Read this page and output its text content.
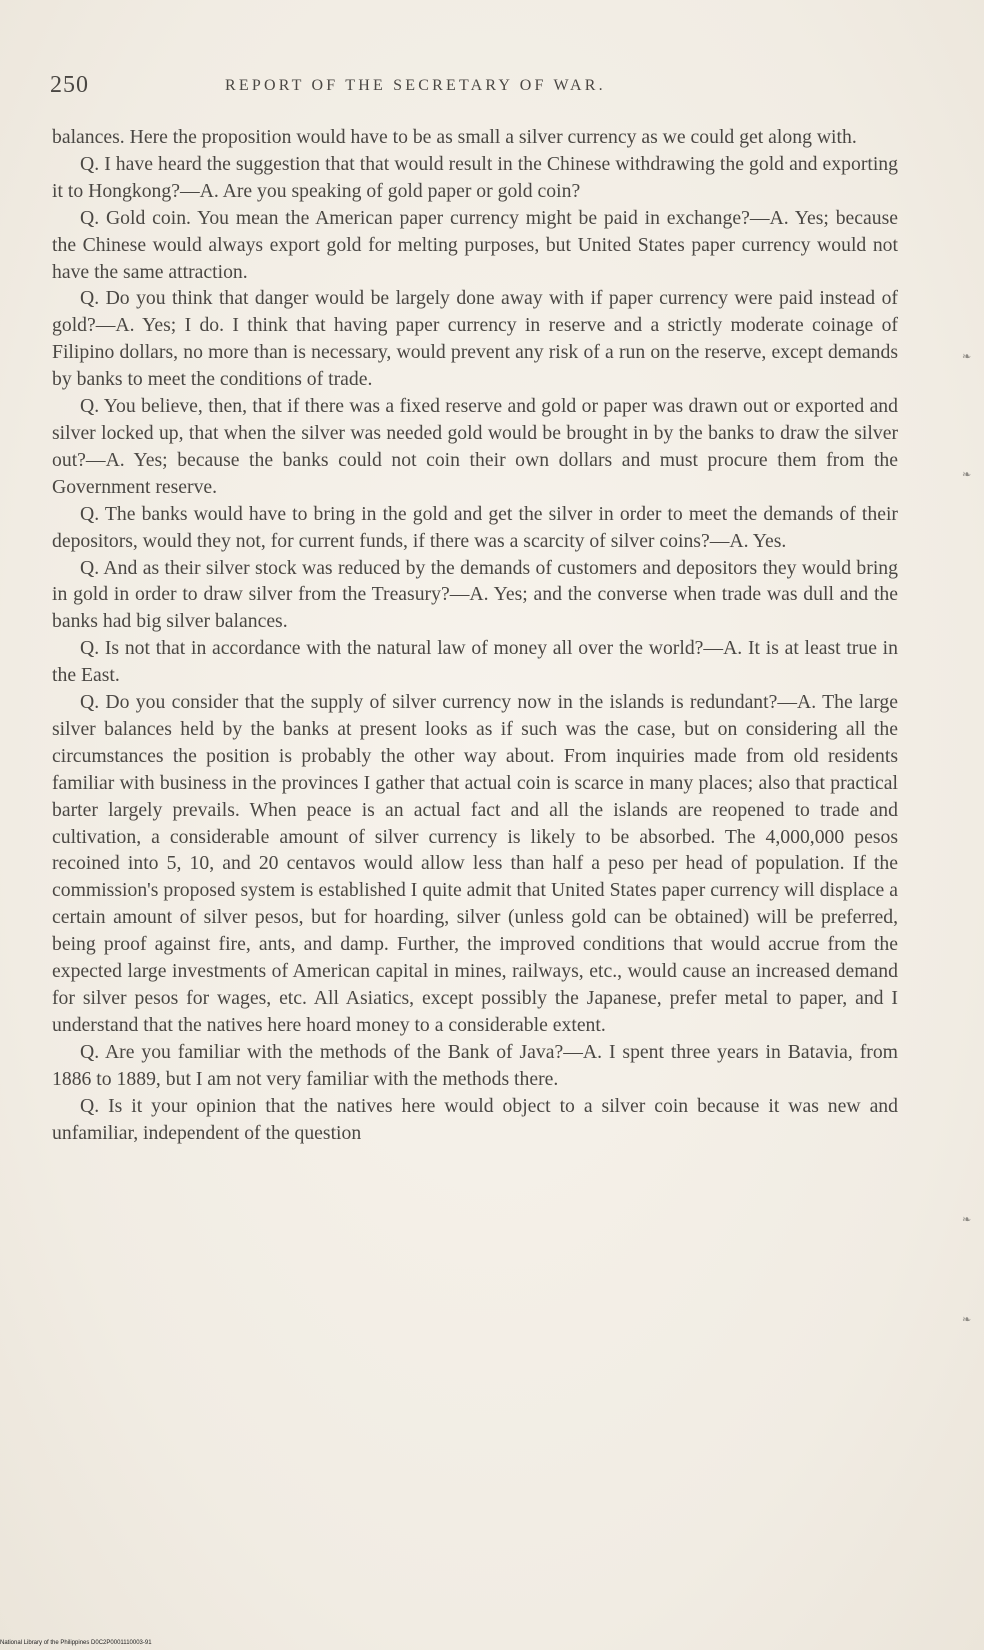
250	REPORT OF THE SECRETARY OF WAR.

balances. Here the proposition would have to be as small a silver currency as we could get along with.

Q. I have heard the suggestion that that would result in the Chinese withdrawing the gold and exporting it to Hongkong?—A. Are you speaking of gold paper or gold coin?

Q. Gold coin. You mean the American paper currency might be paid in exchange?—A. Yes; because the Chinese would always export gold for melting purposes, but United States paper currency would not have the same attraction.

Q. Do you think that danger would be largely done away with if paper currency were paid instead of gold?—A. Yes; I do. I think that having paper currency in reserve and a strictly moderate coinage of Filipino dollars, no more than is necessary, would prevent any risk of a run on the reserve, except demands by banks to meet the conditions of trade.

Q. You believe, then, that if there was a fixed reserve and gold or paper was drawn out or exported and silver locked up, that when the silver was needed gold would be brought in by the banks to draw the silver out?—A. Yes; because the banks could not coin their own dollars and must procure them from the Government reserve.

Q. The banks would have to bring in the gold and get the silver in order to meet the demands of their depositors, would they not, for current funds, if there was a scarcity of silver coins?—A. Yes.

Q. And as their silver stock was reduced by the demands of customers and depositors they would bring in gold in order to draw silver from the Treasury?—A. Yes; and the converse when trade was dull and the banks had big silver balances.

Q. Is not that in accordance with the natural law of money all over the world?—A. It is at least true in the East.

Q. Do you consider that the supply of silver currency now in the islands is redundant?—A. The large silver balances held by the banks at present looks as if such was the case, but on considering all the circumstances the position is probably the other way about. From inquiries made from old residents familiar with business in the provinces I gather that actual coin is scarce in many places; also that practical barter largely prevails. When peace is an actual fact and all the islands are reopened to trade and cultivation, a considerable amount of silver currency is likely to be absorbed. The 4,000,000 pesos recoined into 5, 10, and 20 centavos would allow less than half a peso per head of population. If the commission's proposed system is established I quite admit that United States paper currency will displace a certain amount of silver pesos, but for hoarding, silver (unless gold can be obtained) will be preferred, being proof against fire, ants, and damp. Further, the improved conditions that would accrue from the expected large investments of American capital in mines, railways, etc., would cause an increased demand for silver pesos for wages, etc. All Asiatics, except possibly the Japanese, prefer metal to paper, and I understand that the natives here hoard money to a considerable extent.

Q. Are you familiar with the methods of the Bank of Java?—A. I spent three years in Batavia, from 1886 to 1889, but I am not very familiar with the methods there.

Q. Is it your opinion that the natives here would object to a silver coin because it was new and unfamiliar, independent of the question

❧
❧
❧
❧
National Library of the Philippines D0C2P0001110003-91
